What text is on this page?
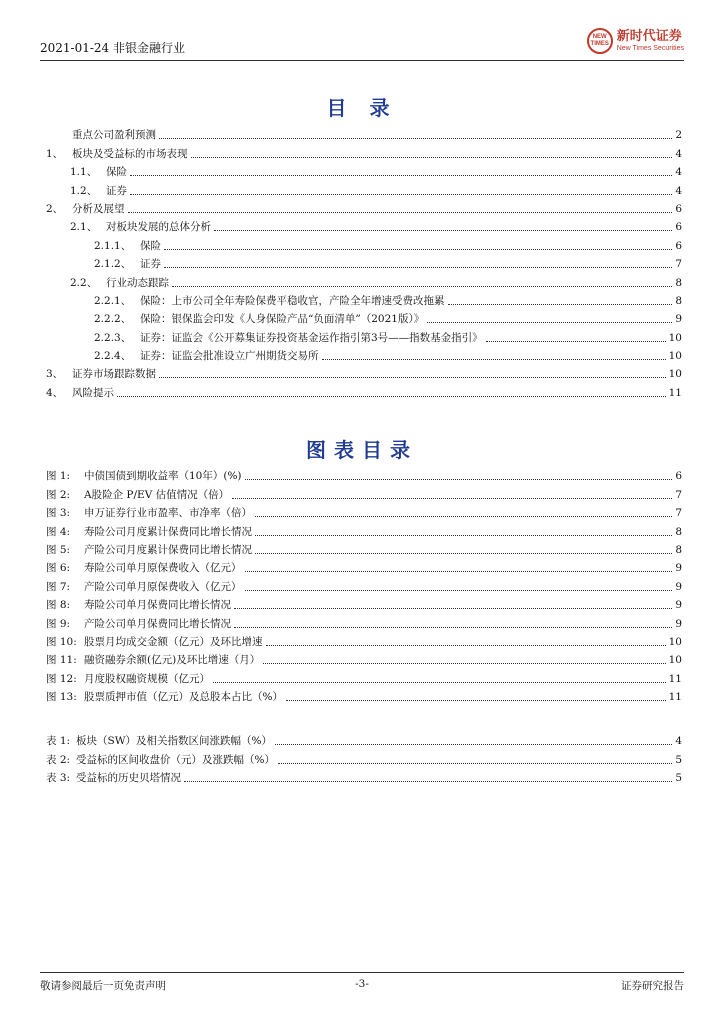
2021-01-24 非银金融行业
NEW TIMES
新时代证券
New Times Securities
目 录
重点公司盈利预测	2
1、 板块及受益标的市场表现	4
1.1、 保险	4
1.2、 证券	4
2、 分析及展望	6
2.1、 对板块发展的总体分析	6
2.1.1、 保险	6
2.1.2、 证券	7
2.2、 行业动态跟踪	8
2.2.1、 保险：上市公司全年寿险保费平稳收官，产险全年增速受费改拖累	8
2.2.2、 保险：银保监会印发《人身保险产品“负面清单”（2021版）》	9
2.2.3、 证券：证监会《公开募集证券投资基金运作指引第3号——指数基金指引》	10
2.2.4、 证券：证监会批准设立广州期货交易所	10
3、 证券市场跟踪数据	10
4、 风险提示	11
图表目录
图 1:	中债国债到期收益率（10年）(%)	6
图 2:	A股险企 P/EV 估值情况（倍）	7
图 3:	申万证券行业市盈率、市净率（倍）	7
图 4:	寿险公司月度累计保费同比增长情况	8
图 5:	产险公司月度累计保费同比增长情况	8
图 6:	寿险公司单月原保费收入（亿元）	9
图 7:	产险公司单月原保费收入（亿元）	9
图 8:	寿险公司单月保费同比增长情况	9
图 9:	产险公司单月保费同比增长情况	9
图 10: 股票月均成交金额（亿元）及环比增速	10
图 11: 融资融券余额(亿元)及环比增速（月）	10
图 12: 月度股权融资规模（亿元）	11
图 13: 股票质押市值（亿元）及总股本占比（%）	11
表 1: 板块（SW）及相关指数区间涨跌幅（%）	4
表 2: 受益标的区间收盘价（元）及涨跌幅（%）	5
表 3: 受益标的历史贝塔情况	5
敬请参阅最后一页免责声明	-3-	证券研究报告
